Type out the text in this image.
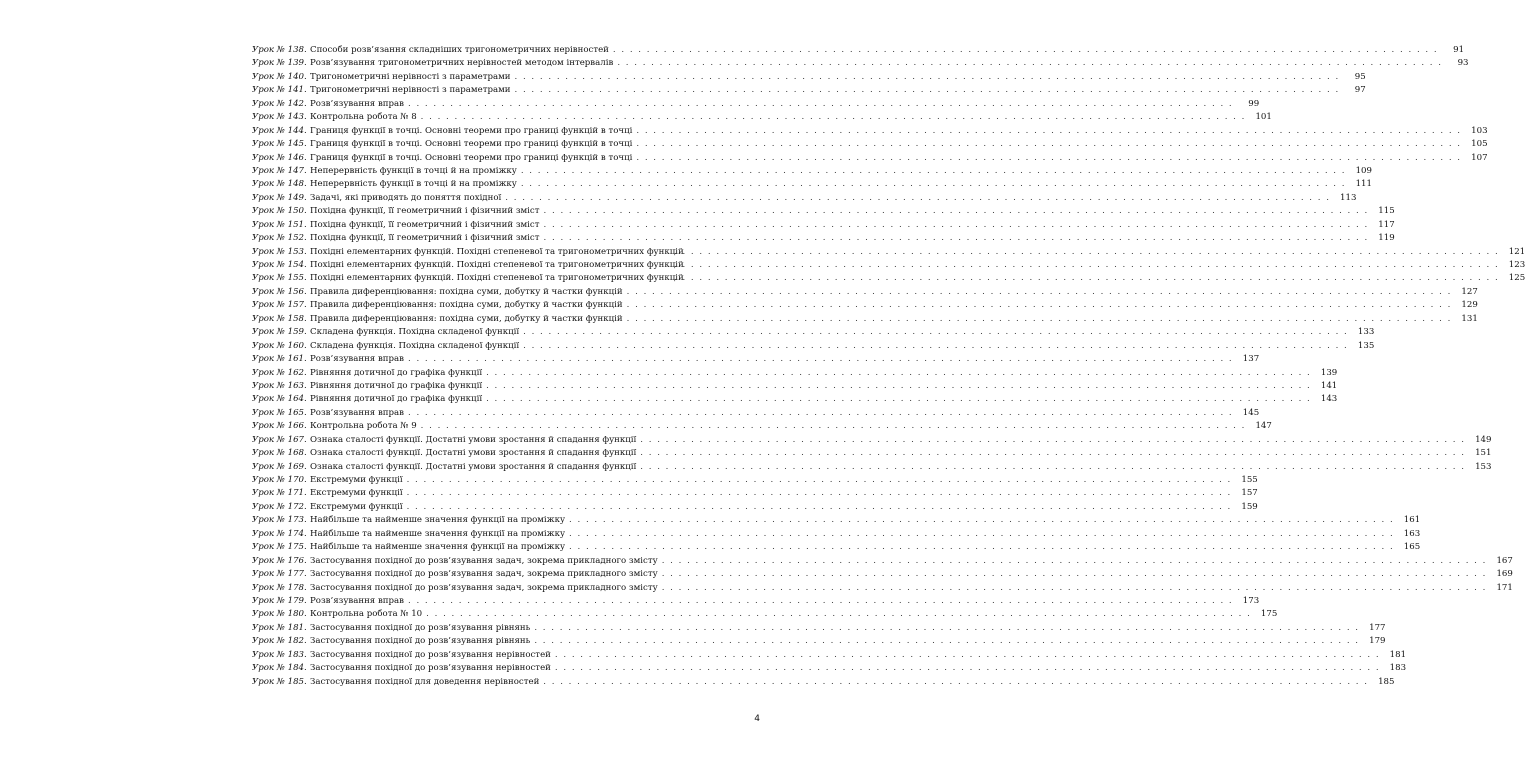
Урок № 138. Способи розв’язання складніших тригонометричних нерівностей . . .	91
Урок № 139. Розв’язування тригонометричних нерівностей методом інтервалів . . .	93
Урок № 140. Тригонометричні нерівності з параметрами . . .	95
Урок № 141. Тригонометричні нерівності з параметрами . . .	97
Урок № 142. Розв’язування вправ . . .	99
Урок № 143. Контрольна робота № 8 . . .	101
Урок № 144. Границя функції в точці. Основні теореми про границі функцій в точці . . .	103
Урок № 145. Границя функції в точці. Основні теореми про границі функцій в точці . . .	105
Урок № 146. Границя функції в точці. Основні теореми про границі функцій в точці . . .	107
Урок № 147. Неперервність функції в точці й на проміжку . . .	109
Урок № 148. Неперервність функції в точці й на проміжку . . .	111
Урок № 149. Задачі, які приводять до поняття похідної . . .	113
Урок № 150. Похідна функції, її геометричний і фізичний зміст . . .	115
Урок № 151. Похідна функції, її геометричний і фізичний зміст . . .	117
Урок № 152. Похідна функції, її геометричний і фізичний зміст . . .	119
Урок № 153. Похідні елементарних функцій. Похідні степеневої та тригонометричних функцій . . .	121
Урок № 154. Похідні елементарних функцій. Похідні степеневої та тригонометричних функцій . . .	123
Урок № 155. Похідні елементарних функцій. Похідні степеневої та тригонометричних функцій . . .	125
Урок № 156. Правила диференціювання: похідна суми, добутку й частки функцій . . .	127
Урок № 157. Правила диференціювання: похідна суми, добутку й частки функцій . . .	129
Урок № 158. Правила диференціювання: похідна суми, добутку й частки функцій . . .	131
Урок № 159. Складена функція. Похідна складеної функції . . .	133
Урок № 160. Складена функція. Похідна складеної функції . . .	135
Урок № 161. Розв’язування вправ . . .	137
Урок № 162. Рівняння дотичної до графіка функції . . .	139
Урок № 163. Рівняння дотичної до графіка функції . . .	141
Урок № 164. Рівняння дотичної до графіка функції . . .	143
Урок № 165. Розв’язування вправ . . .	145
Урок № 166. Контрольна робота № 9 . . .	147
Урок № 167. Ознака сталості функції. Достатні умови зростання й спадання функції . . .	149
Урок № 168. Ознака сталості функції. Достатні умови зростання й спадання функції . . .	151
Урок № 169. Ознака сталості функції. Достатні умови зростання й спадання функції . . .	153
Урок № 170. Екстремуми функції . . .	155
Урок № 171. Екстремуми функції . . .	157
Урок № 172. Екстремуми функції . . .	159
Урок № 173. Найбільше та найменше значення функції на проміжку . . .	161
Урок № 174. Найбільше та найменше значення функції на проміжку . . .	163
Урок № 175. Найбільше та найменше значення функції на проміжку . . .	165
Урок № 176. Застосування похідної до розв’язування задач, зокрема прикладного змісту . . .	167
Урок № 177. Застосування похідної до розв’язування задач, зокрема прикладного змісту . . .	169
Урок № 178. Застосування похідної до розв’язування задач, зокрема прикладного змісту . . .	171
Урок № 179. Розв’язування вправ . . .	173
Урок № 180. Контрольна робота № 10 . . .	175
Урок № 181. Застосування похідної до розв’язування рівнянь . . .	177
Урок № 182. Застосування похідної до розв’язування рівнянь . . .	179
Урок № 183. Застосування похідної до розв’язування нерівностей . . .	181
Урок № 184. Застосування похідної до розв’язування нерівностей . . .	183
Урок № 185. Застосування похідної для доведення нерівностей . . .	185
4
